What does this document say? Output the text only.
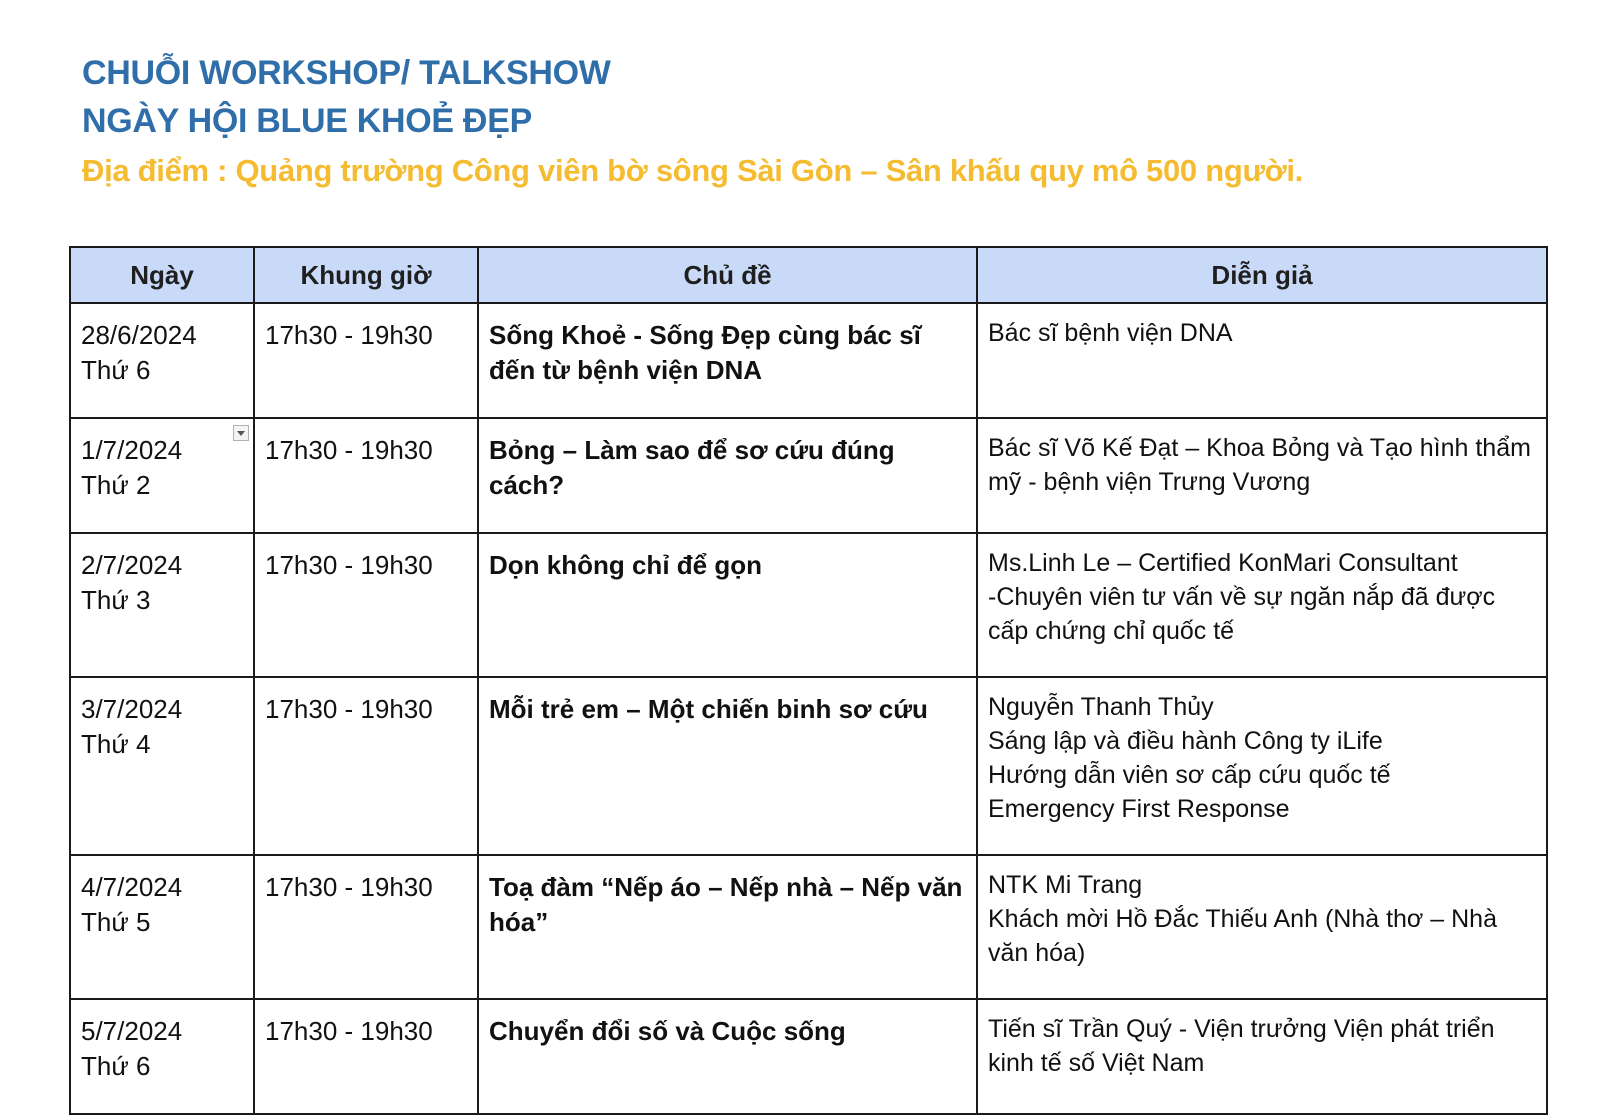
CHUỖI WORKSHOP/ TALKSHOW
NGÀY HỘI BLUE KHOẺ ĐẸP

Địa điểm : Quảng trường Công viên bờ sông Sài Gòn – Sân khấu quy mô 500 người.

Ngày	Khung giờ	Chủ đề	Diễn giả

28/6/2024
Thứ 6	17h30 - 19h30	Sống Khoẻ - Sống Đẹp cùng bác sĩ đến từ bệnh viện DNA	Bác sĩ bệnh viện DNA

1/7/2024
Thứ 2	17h30 - 19h30	Bỏng – Làm sao để sơ cứu đúng cách?	Bác sĩ Võ Kế Đạt – Khoa Bỏng và Tạo hình thẩm mỹ - bệnh viện Trưng Vương

2/7/2024
Thứ 3	17h30 - 19h30	Dọn không chỉ để gọn	Ms.Linh Le – Certified KonMari Consultant
-Chuyên viên tư vấn về sự ngăn nắp đã được cấp chứng chỉ quốc tế

3/7/2024
Thứ 4	17h30 - 19h30	Mỗi trẻ em – Một chiến binh sơ cứu	Nguyễn Thanh Thủy
Sáng lập và điều hành Công ty iLife
Hướng dẫn viên sơ cấp cứu quốc tế
Emergency First Response

4/7/2024
Thứ 5	17h30 - 19h30	Toạ đàm “Nếp áo – Nếp nhà – Nếp văn hóa”	NTK Mi Trang
Khách mời Hồ Đắc Thiếu Anh (Nhà thơ – Nhà văn hóa)

5/7/2024
Thứ 6	17h30 - 19h30	Chuyển đổi số và Cuộc sống	Tiến sĩ Trần Quý - Viện trưởng Viện phát triển kinh tế số Việt Nam
